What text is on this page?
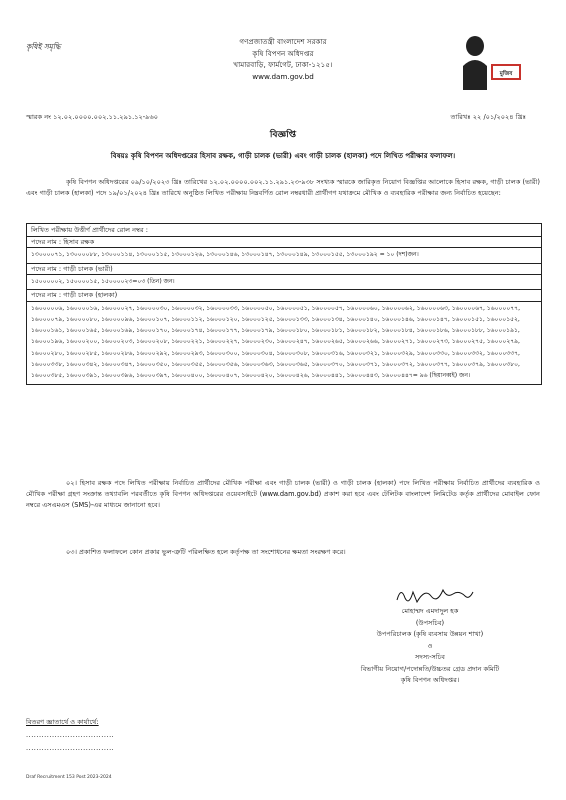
কৃষিই সমৃদ্ধি
গণপ্রজাতন্ত্রী বাংলাদেশ সরকার
কৃষি বিপণন অধিদপ্তর
খামারবাড়ি, ফার্মগেট, ঢাকা-১২১৫।
www.dam.gov.bd	মুজিব
স্মারক নং ১২.০২.০০০০.০০২.১১.২৯১.১২-৯৬০	তারিখঃ ২২ /০১/২০২৪ খ্রিঃ
বিজ্ঞপ্তি
বিষয়ঃ কৃষি বিপণন অধিদপ্তরের হিসাব রক্ষক, গাড়ী চালক (ভারী) এবং গাড়ী চালক (হালকা) পদে লিখিত পরীক্ষার ফলাফল।
কৃষি বিপণন অধিদপ্তরের ০৯/১০/২০২৩ খ্রিঃ তারিখের ১২.০২.০০০০.০০২.১১.২৯১.২৩-৯৩৮ সংখ্যক স্মারকে জারিকৃত নিয়োগ বিজ্ঞপ্তির আলোকে হিসাব রক্ষক, গাড়ী চালক (ভারী) এবং গাড়ী চালক (হালকা) পদে ১৯/০১/২০২৪ খ্রিঃ তারিখে অনুষ্ঠিত লিখিত পরীক্ষায় নিম্নবর্ণিত রোল নম্বরধারী প্রার্থীগণ যথাক্রমে মৌখিক ও ব্যবহারিক পরীক্ষার জন্য নির্বাচিত হয়েছেন:
লিখিত পরীক্ষায় উত্তীর্ণ প্রার্থীদের রোল নম্বর :
পদের নাম : হিসাব রক্ষক
১৩০০০০৭১, ১৩০০০০৮৮, ১৩০০০১১৪, ১৩০০০১১৫, ১৩০০০১২৬, ১৩০০০১৪৬, ১৩০০০১৪৭, ১৩০০০১৪৯, ১৩০০০১৫৫, ১৩০০০১৯২ = ১০ (দশ)জন।
পদের নাম : গাড়ী চালক (ভারী)
১৫০০০০০২, ১৫০০০০১৫, ১৫০০০০২৩=০৩ (তিন) জন।
পদের নাম : গাড়ী চালক (হালকা)
১৬০০০০০৬, ১৬০০০০১৬, ১৬০০০০২৭, ১৬০০০০৩০, ১৬০০০০৩২, ১৬০০০০৩৩, ১৬০০০০৫০, ১৬০০০০৫১, ১৬০০০০৫৭, ১৬০০০০৬০, ১৬০০০০৬২, ১৬০০০০৬৩, ১৬০০০০৬৭, ১৬০০০০৭৭, ১৬০০০০৭৯, ১৬০০০০৮০, ১৬০০০০৯৬, ১৬০০০১০৭, ১৬০০০১১২, ১৬০০০১২০, ১৬০০০১২৫, ১৬০০০১৩৩, ১৬০০০১৩৪, ১৬০০০১৪০, ১৬০০০১৪৬, ১৬০০০১৪৭, ১৬০০০১৫১, ১৬০০০১৫২, ১৬০০০১৬১, ১৬০০০১৬৫, ১৬০০০১৬৯, ১৬০০০১৭০, ১৬০০০১৭৪, ১৬০০০১৭৭, ১৬০০০১৭৯, ১৬০০০১৮০, ১৬০০০১৮১, ১৬০০০১৮২, ১৬০০০১৮৪, ১৬০০০১৮৬, ১৬০০০১৮৮, ১৬০০০১৯১, ১৬০০০১৯৬, ১৬০০০২০০, ১৬০০০২০৩, ১৬০০০২০৮, ১৬০০০২২১, ১৬০০০২২৭, ১৬০০০২৩০, ১৬০০০২৪৭, ১৬০০০২৬৫, ১৬০০০২৬৬, ১৬০০০২৭১, ১৬০০০২৭৩, ১৬০০০২৭৫, ১৬০০০২৭৯, ১৬০০০২৮০, ১৬০০০২৮৫, ১৬০০০২৮৬, ১৬০০০২৯২, ১৬০০০২৯৩, ১৬০০০৩০০, ১৬০০০৩০৪, ১৬০০০৩০৮, ১৬০০০৩১৬, ১৬০০০৩২১, ১৬০০০৩২৯, ১৬০০০৩৩০, ১৬০০০৩৩২, ১৬০০০৩৩৭, ১৬০০০৩৩৮, ১৬০০০৩৪২, ১৬০০০৩৪৭, ১৬০০০৩৫০, ১৬০০০৩৫৫, ১৬০০০৩৫৬, ১৬০০০৩৬৩, ১৬০০০৩৬৫, ১৬০০০৩৭০, ১৬০০০৩৭১, ১৬০০০৩৭২, ১৬০০০৩৭৭, ১৬০০০৩৭৯, ১৬০০০৩৮০, ১৬০০০৩৮৫, ১৬০০০৩৯১, ১৬০০০৩৯৬, ১৬০০০৩৯৭, ১৬০০০৪০০, ১৬০০০৪০৭, ১৬০০০৪২০, ১৬০০০৪২৬, ১৬০০০৪৪১, ১৬০০০৪৪৩, ১৬০০০৪৪৭= ৯৬ (ছিয়ানব্বই) জন।
০২। হিসাব রক্ষক পদে লিখিত পরীক্ষায় নির্বাচিত প্রার্থীদের মৌখিক পরীক্ষা এবং গাড়ী চালক (ভারী) ও গাড়ী চালক (হালকা) পদে লিখিত পরীক্ষায় নির্বাচিত প্রার্থীদের ব্যবহারিক ও মৌখিক পরীক্ষা গ্রহণ সংক্রান্ত তথ্যাবলি পরবর্তীতে কৃষি বিপণন অধিদপ্তরের ওয়েবসাইটে (www.dam.gov.bd) প্রকাশ করা হবে এবং টেলিটক বাংলাদেশ লিমিটেড কর্তৃক প্রার্থীদের মোবাইল ফোন নম্বরে এসএমএস (SMS)-এর মাধ্যমে জানানো হবে।
০৩। প্রকাশিত ফলাফলে কোন প্রকার ভুল-ত্রুটি পরিলক্ষিত হলে কর্তৃপক্ষ তা সংশোধনের ক্ষমতা সংরক্ষণ করে।
মোহাম্মদ এমদাদুল হক
(উপসচিব)
উপপরিচালক (কৃষি ব্যবসায় উন্নয়ন শাখা)
ও
সদস্য-সচিব
বিভাগীয় নিয়োগ/পদোন্নতি/উচ্চতর গ্রেড প্রদান কমিটি
কৃষি বিপণন অধিদপ্তর।
বিতরণ জ্ঞাতার্থে ও কার্যার্থে:
..................................
..................................
Draf Recruitment 153 Post 2023-2024
